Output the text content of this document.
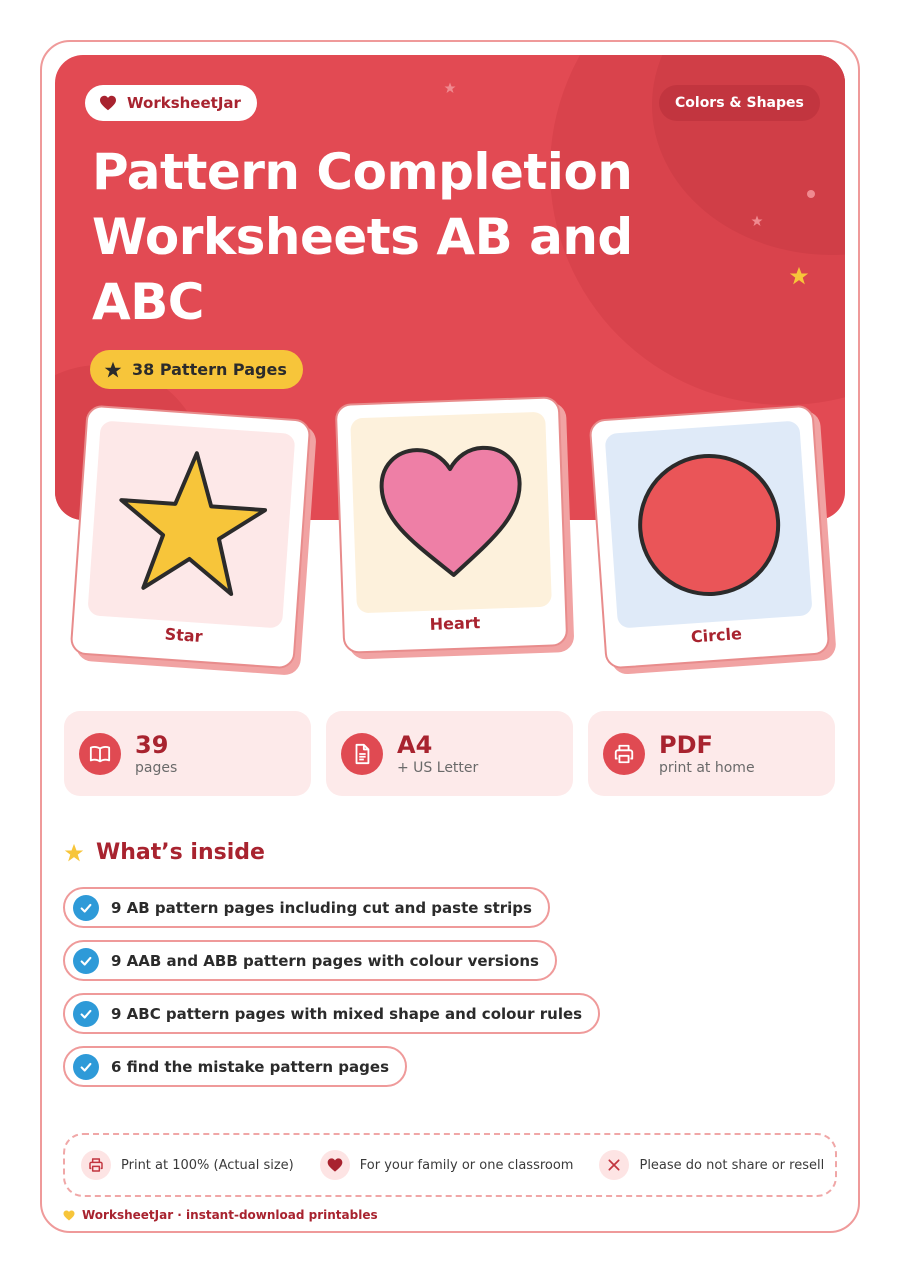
WorksheetJar	Colors & Shapes
Pattern Completion Worksheets AB and ABC
38 Pattern Pages
Star
Heart
Circle
39
pages
A4
+ US Letter
PDF
print at home
What’s inside
9 AB pattern pages including cut and paste strips
9 AAB and ABB pattern pages with colour versions
9 ABC pattern pages with mixed shape and colour rules
6 find the mistake pattern pages
Print at 100% (Actual size)	For your family or one classroom	Please do not share or resell
WorksheetJar · instant-download printables
